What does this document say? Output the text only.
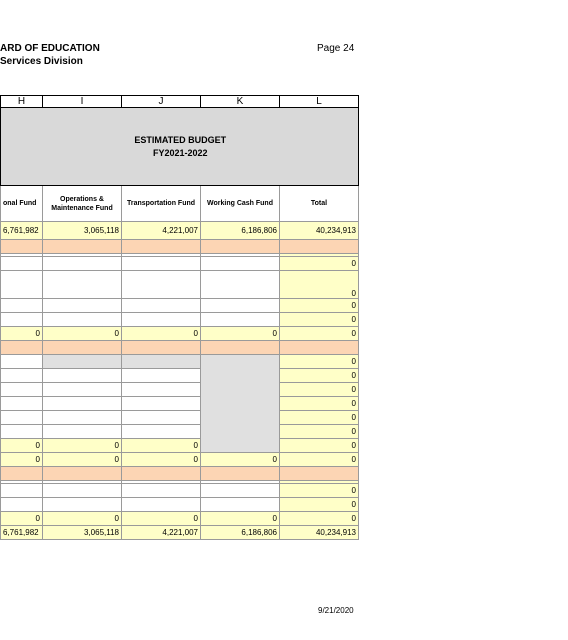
ARD OF EDUCATION
Services Division
Page 24
H	I	J	K	L

	ESTIMATED BUDGET
FY2021-2022			

onal Fund	Operations & Maintenance Fund	Transportation Fund	Working Cash Fund	Total
6,761,982	3,065,118	4,221,007	6,186,806	40,234,913

				0
				0
				0
				0
0	0	0	0	0

				0
				0
				0
				0
				0
				0
0	0	0		0
0	0	0	0	0

				0
				0
0	0	0	0	0
6,761,982	3,065,118	4,221,007	6,186,806	40,234,913
9/21/2020
